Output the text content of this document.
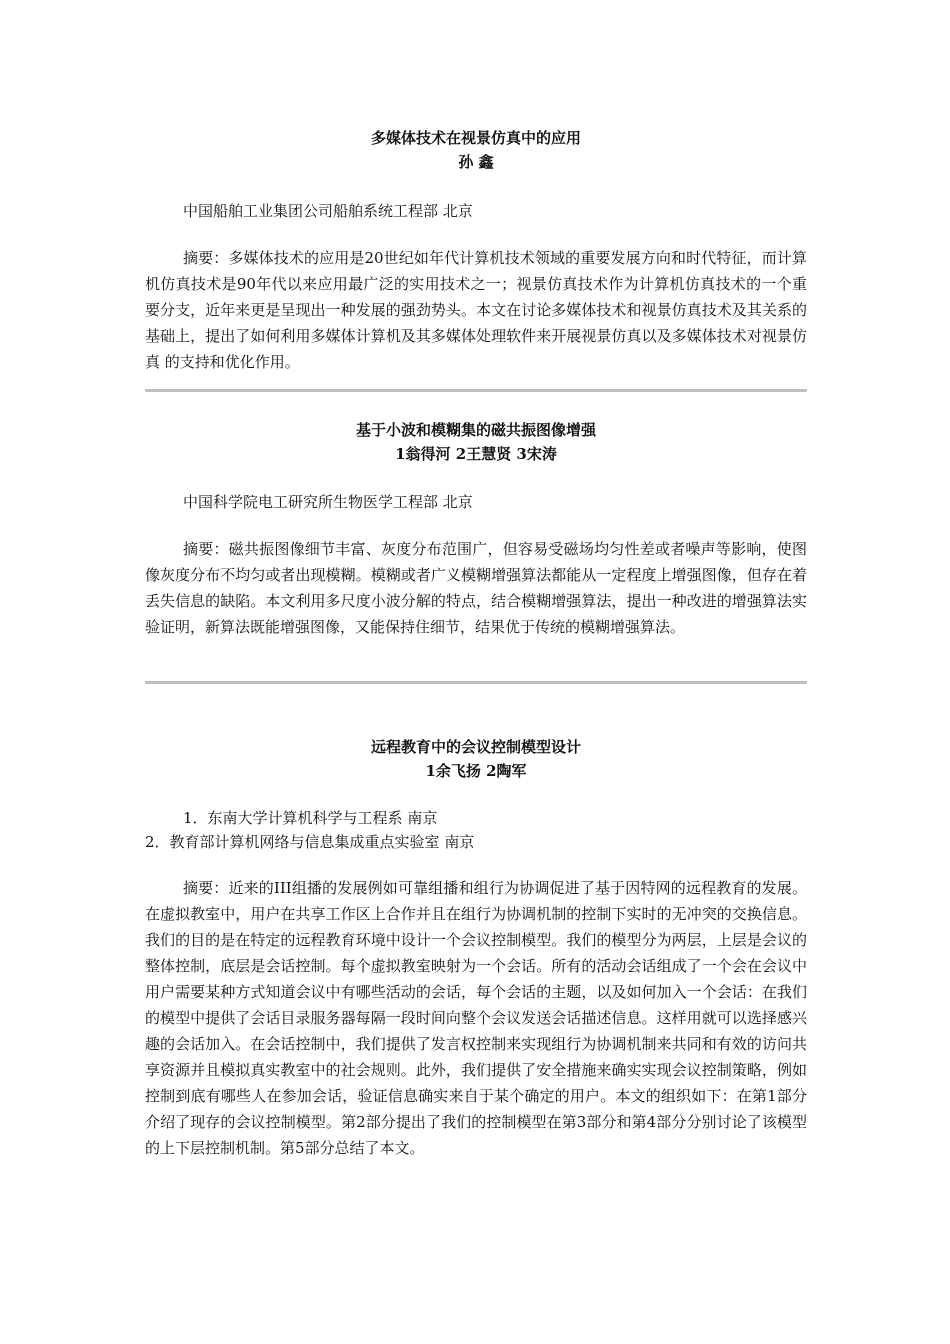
多媒体技术在视景仿真中的应用

孙 鑫

中国船舶工业集团公司船舶系统工程部 北京

摘要：多媒体技术的应用是20世纪如年代计算机技术领域的重要发展方向和时代特征，而计算机仿真技术是90年代以来应用最广泛的实用技术之一；视景仿真技术作为计算机仿真技术的一个重要分支，近年来更是呈现出一种发展的强劲势头。本文在讨论多媒体技术和视景仿真技术及其关系的基础上，提出了如何利用多媒体计算机及其多媒体处理软件来开展视景仿真以及多媒体技术对视景仿真 的支持和优化作用。

基于小波和模糊集的磁共振图像增强

1翁得河 2王慧贤 3宋涛

中国科学院电工研究所生物医学工程部 北京

摘要：磁共振图像细节丰富、灰度分布范围广，但容易受磁场均匀性差或者噪声等影响，使图像灰度分布不均匀或者出现模糊。模糊或者广义模糊增强算法都能从一定程度上增强图像，但存在着丢失信息的缺陷。本文利用多尺度小波分解的特点，结合模糊增强算法，提出一种改进的增强算法实验证明，新算法既能增强图像，又能保持住细节，结果优于传统的模糊增强算法。

远程教育中的会议控制模型设计

1余飞扬 2陶军

1．东南大学计算机科学与工程系 南京

2．教育部计算机网络与信息集成重点实验室 南京

摘要：近来的III组播的发展例如可靠组播和组行为协调促进了基于因特网的远程教育的发展。在虚拟教室中，用户在共享工作区上合作并且在组行为协调机制的控制下实时的无冲突的交换信息。我们的目的是在特定的远程教育环境中设计一个会议控制模型。我们的模型分为两层，上层是会议的整体控制，底层是会话控制。每个虚拟教室映射为一个会话。所有的活动会话组成了一个会在会议中用户需要某种方式知道会议中有哪些活动的会话，每个会话的主题，以及如何加入一个会话：在我们的模型中提供了会话目录服务器每隔一段时间向整个会议发送会话描述信息。这样用就可以选择感兴趣的会话加入。在会话控制中，我们提供了发言权控制来实现组行为协调机制来共同和有效的访问共享资源并且模拟真实教室中的社会规则。此外，我们提供了安全措施来确实实现会议控制策略，例如控制到底有哪些人在参加会话，验证信息确实来自于某个确定的用户。本文的组织如下：在第1部分介绍了现存的会议控制模型。第2部分提出了我们的控制模型在第3部分和第4部分分别讨论了该模型的上下层控制机制。第5部分总结了本文。
